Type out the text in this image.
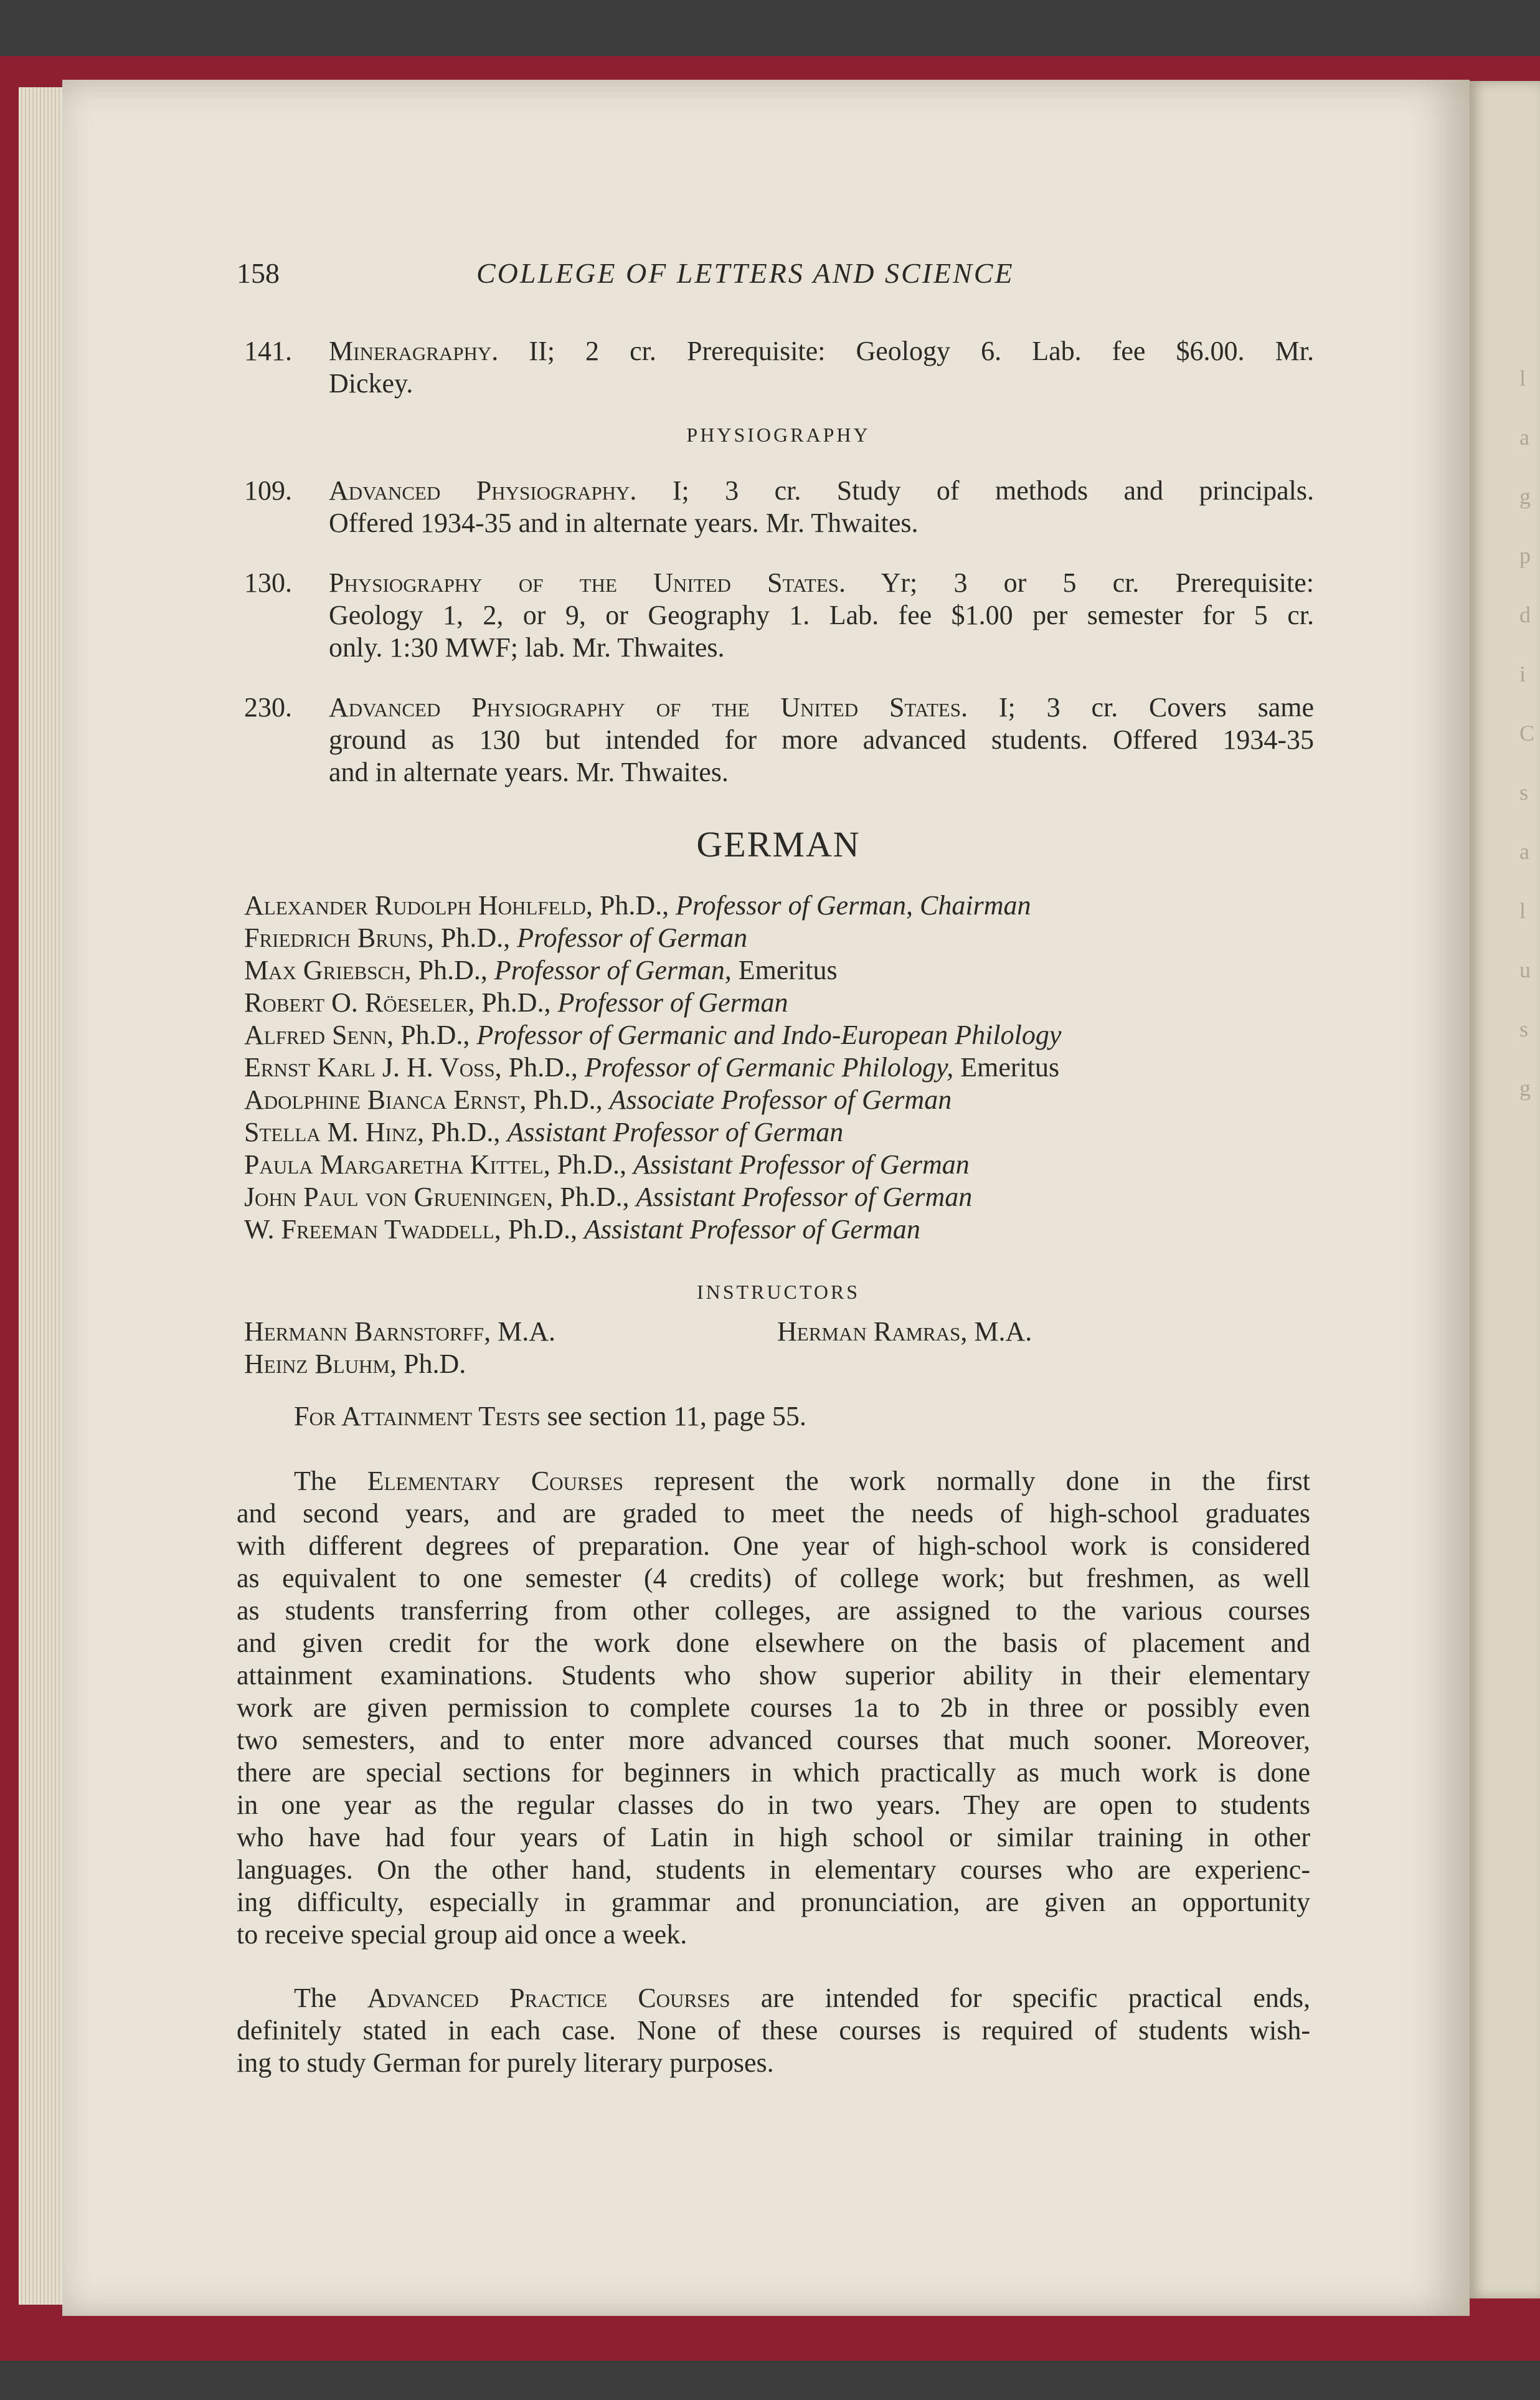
l
a
g
p
d
i
C
s
a
l
u
s
g
158	COLLEGE OF LETTERS AND SCIENCE
141. Mineragraphy. II; 2 cr. Prerequisite: Geology 6. Lab. fee $6.00. Mr.
Dickey.
PHYSIOGRAPHY
109. Advanced Physiography. I; 3 cr. Study of methods and principals.
Offered 1934-35 and in alternate years. Mr. Thwaites.
130. Physiography of the United States. Yr; 3 or 5 cr. Prerequisite:
Geology 1, 2, or 9, or Geography 1. Lab. fee $1.00 per semester for 5 cr.
only. 1:30 MWF; lab. Mr. Thwaites.
230. Advanced Physiography of the United States. I; 3 cr. Covers same
ground as 130 but intended for more advanced students. Offered 1934-35
and in alternate years. Mr. Thwaites.
GERMAN
Alexander Rudolph Hohlfeld, Ph.D., Professor of German, Chairman
Friedrich Bruns, Ph.D., Professor of German
Max Griebsch, Ph.D., Professor of German, Emeritus
Robert O. Röeseler, Ph.D., Professor of German
Alfred Senn, Ph.D., Professor of Germanic and Indo-European Philology
Ernst Karl J. H. Voss, Ph.D., Professor of Germanic Philology, Emeritus
Adolphine Bianca Ernst, Ph.D., Associate Professor of German
Stella M. Hinz, Ph.D., Assistant Professor of German
Paula Margaretha Kittel, Ph.D., Assistant Professor of German
John Paul von Grueningen, Ph.D., Assistant Professor of German
W. Freeman Twaddell, Ph.D., Assistant Professor of German
INSTRUCTORS
Hermann Barnstorff, M.A.	Herman Ramras, M.A.
Heinz Bluhm, Ph.D.
For Attainment Tests see section 11, page 55.
The Elementary Courses represent the work normally done in the first
and second years, and are graded to meet the needs of high-school graduates
with different degrees of preparation. One year of high-school work is considered
as equivalent to one semester (4 credits) of college work; but freshmen, as well
as students transferring from other colleges, are assigned to the various courses
and given credit for the work done elsewhere on the basis of placement and
attainment examinations. Students who show superior ability in their elementary
work are given permission to complete courses 1a to 2b in three or possibly even
two semesters, and to enter more advanced courses that much sooner. Moreover,
there are special sections for beginners in which practically as much work is done
in one year as the regular classes do in two years. They are open to students
who have had four years of Latin in high school or similar training in other
languages. On the other hand, students in elementary courses who are experienc-
ing difficulty, especially in grammar and pronunciation, are given an opportunity
to receive special group aid once a week.
The Advanced Practice Courses are intended for specific practical ends,
definitely stated in each case. None of these courses is required of students wish-
ing to study German for purely literary purposes.
